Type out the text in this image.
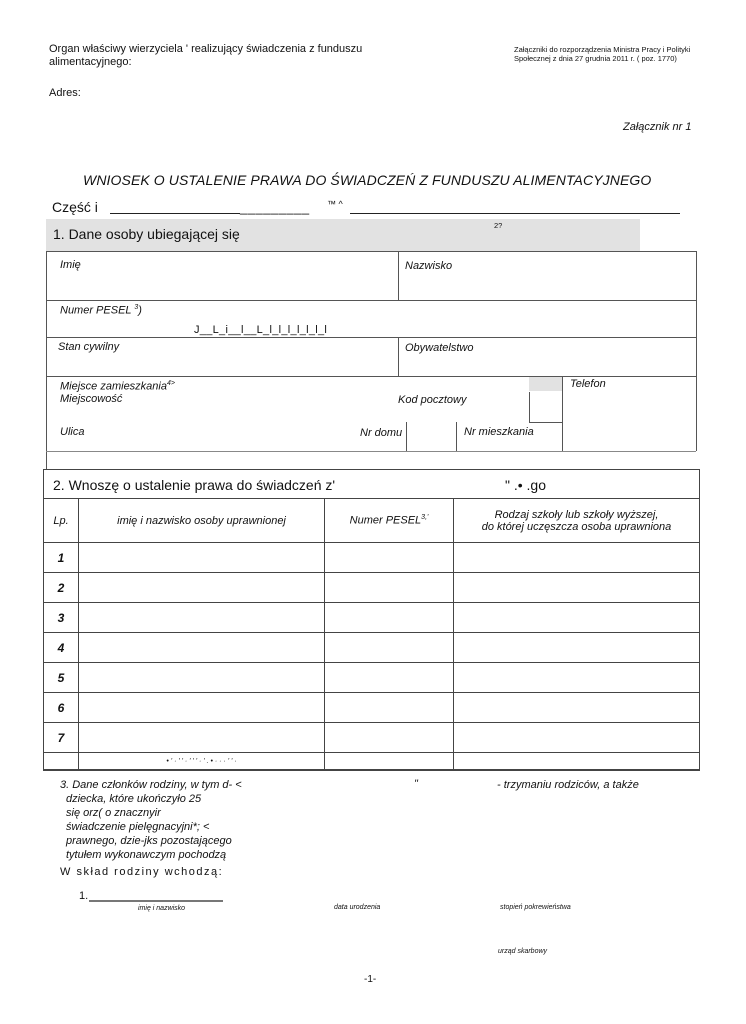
Organ właściwy wierzyciela ' realizujący świadczenia z funduszu
alimentacyjnego:
Adres:
Załączniki do rozporządzenia Ministra Pracy i Polityki
Społecznej z dnia 27 grudnia 2011 r. ( poz. 1770)
Załącznik nr 1
WNIOSEK O USTALENIE PRAWA DO ŚWIADCZEŃ Z FUNDUSZU ALIMENTACYJNEGO
Część i	_________ ™ ^
1. Dane osoby ubiegającej się
2?
Imię	Nazwisko
Numer PESEL $^3$)
J__L_i__l__L_l_l_l_l_l_l_l
Stan cywilny	Obywatelstwo
Miejsce zamieszkania$^{4>}$	Telefon
Miejscowość	Kod pocztowy
Ulica	Nr domu	Nr mieszkania
2. Wnoszę o ustalenie prawa do świadczeń z'	" .• .go
Lp.	imię i nazwisko osoby uprawnionej	Numer $PESEL^{3,'}$	Rodzaj szkoły lub szkoły wyższej,
do której uczęszcza osoba uprawniona

1			
2			
3			
4			
5			
6			
7			
	• ' · ' ' · ' ' ' · ' . • · · · ' ' ·		
3. Dane członków rodziny, w tym d- <	"	- trzymaniu rodziców, a także
dziecka, które ukończyło 25
się orz( o znacznyir
świadczenie pielęgnacyjni*; <
prawnego, dzie-jks pozostającego
tytułem wykonawczym pochodzą
W skład rodziny wchodzą:
1.
imię i nazwisko	data urodzenia	stopień pokrewieństwa
urząd skarbowy
-1-
